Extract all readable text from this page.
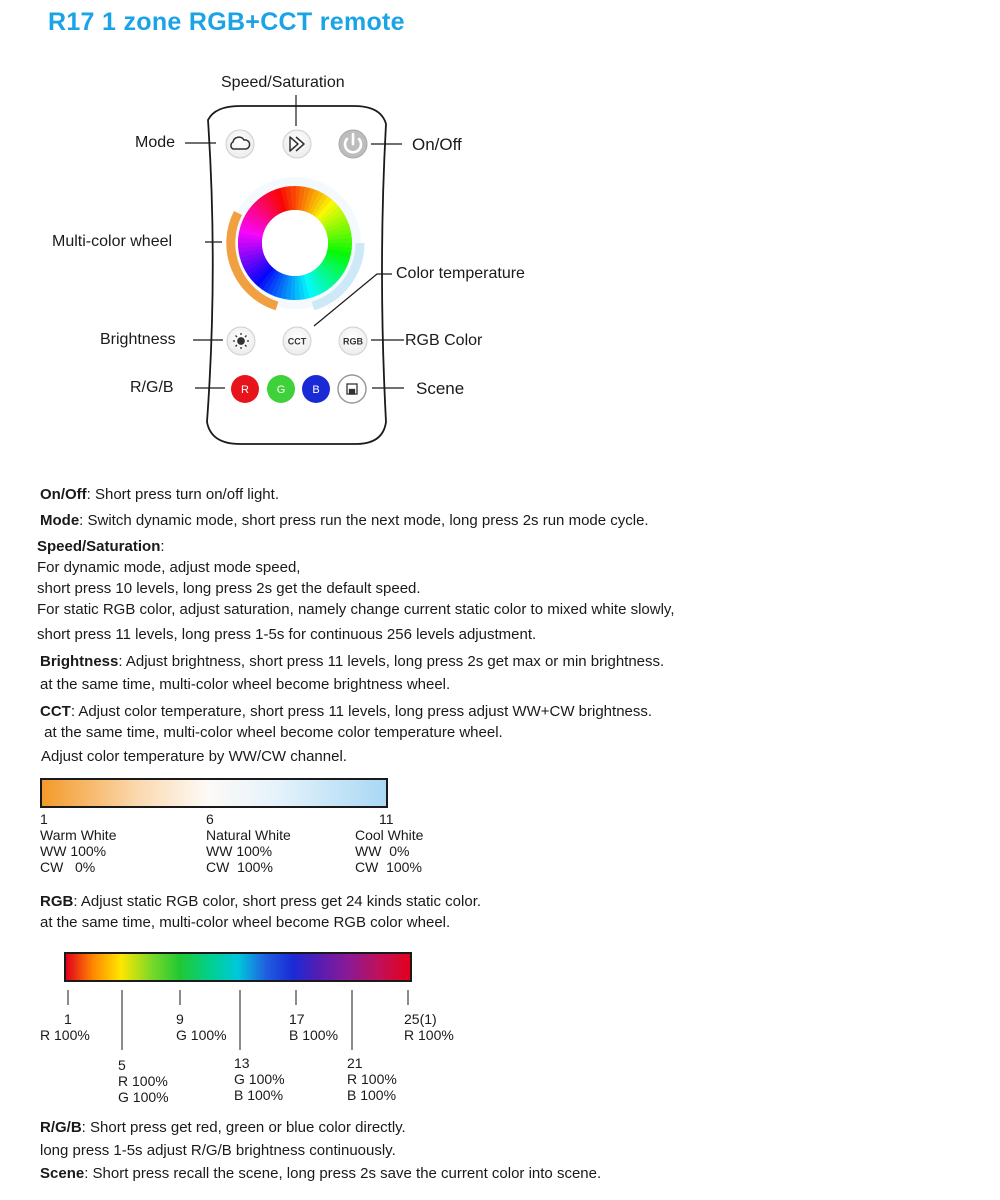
R17 1 zone RGB+CCT remote
CCT	RGB
R	G B
Speed/Saturation
Mode	On/Off
Multi-color wheel
Color temperature
Brightness	RGB Color
R/G/B	Scene
On/Off: Short press turn on/off light.
Mode: Switch dynamic mode, short press run the next mode, long press 2s run mode cycle.
Speed/Saturation:
For dynamic mode, adjust mode speed,
short press 10 levels, long press 2s get the default speed.
For static RGB color, adjust saturation, namely change current static color to mixed white slowly,
short press 11 levels, long press 1-5s for continuous 256 levels adjustment.
Brightness: Adjust brightness, short press 11 levels, long press 2s get max or min brightness.
at the same time, multi-color wheel become brightness wheel.
CCT: Adjust color temperature, short press 11 levels, long press adjust WW+CW brightness.
at the same time, multi-color wheel become color temperature wheel.
Adjust color temperature by WW/CW channel.
1
Warm White
WW 100%
CW   0%
6
Natural White
WW 100%
CW  100%
11
Cool White
WW  0%
CW  100%
RGB: Adjust static RGB color, short press get 24 kinds static color.
at the same time, multi-color wheel become RGB color wheel.
1
R 100%
9
G 100%
17
B 100%
25(1)
R 100%
5
R 100%
G 100%
13
G 100%
B 100%
21
R 100%
B 100%
R/G/B: Short press get red, green or blue color directly.
long press 1-5s adjust R/G/B brightness continuously.
Scene: Short press recall the scene, long press 2s save the current color into scene.
